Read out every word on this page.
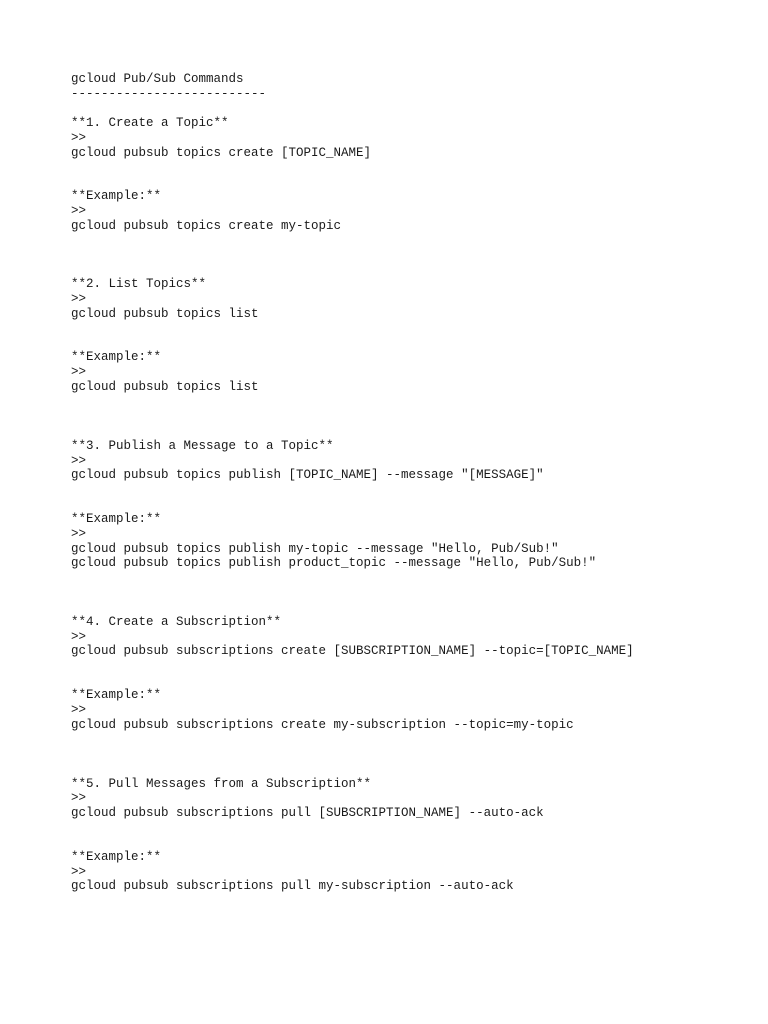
gcloud Pub/Sub Commands

--------------------------

**1. Create a Topic**

>>

gcloud pubsub topics create [TOPIC_NAME]

**Example:**

>>

gcloud pubsub topics create my-topic

**2. List Topics**

>>

gcloud pubsub topics list

**Example:**

>>

gcloud pubsub topics list

**3. Publish a Message to a Topic**

>>

gcloud pubsub topics publish [TOPIC_NAME] --message "[MESSAGE]"

**Example:**

>>

gcloud pubsub topics publish my-topic --message "Hello, Pub/Sub!"

gcloud pubsub topics publish product_topic --message "Hello, Pub/Sub!"

**4. Create a Subscription**

>>

gcloud pubsub subscriptions create [SUBSCRIPTION_NAME] --topic=[TOPIC_NAME]

**Example:**

>>

gcloud pubsub subscriptions create my-subscription --topic=my-topic

**5. Pull Messages from a Subscription**

>>

gcloud pubsub subscriptions pull [SUBSCRIPTION_NAME] --auto-ack

**Example:**

>>

gcloud pubsub subscriptions pull my-subscription --auto-ack
